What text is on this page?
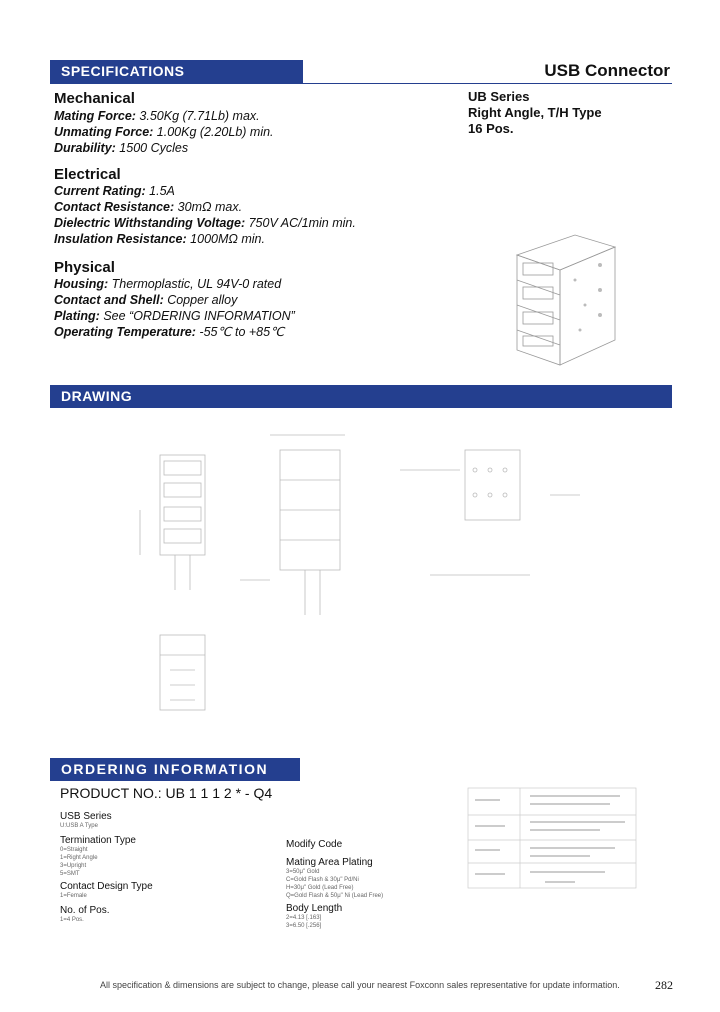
SPECIFICATIONS	USB Connector
UB Series
Right Angle, T/H Type
16 Pos.
Mechanical
Mating Force: 3.50Kg (7.71Lb) max.
Unmating Force: 1.00Kg (2.20Lb) min.
Durability: 1500 Cycles
Electrical
Current Rating: 1.5A
Contact Resistance: 30mΩ max.
Dielectric Withstanding Voltage: 750V AC/1min min.
Insulation Resistance: 1000MΩ min.
Physical
Housing: Thermoplastic, UL 94V-0 rated
Contact and Shell: Copper alloy
Plating: See “ORDERING INFORMATION”
Operating Temperature: -55℃ to +85℃
DRAWING
ORDERING INFORMATION
PRODUCT NO.: UB 1 1 1 2 * - Q4
USB Series
U:USB A Type
Termination Type
0=Straight
1=Right Angle
3=Upright
5=SMT
Contact Design Type
1=Female
No. of Pos.
1=4 Pos.
Modify Code
Mating Area Plating
3=50μ" Gold
C=Gold Flash & 30μ" Pd/Ni
H=30μ" Gold (Lead Free)
Q=Gold Flash & 50μ" Ni (Lead Free)
Body Length
2=4.13 [.163]
3=6.50 [.256]
All specification & dimensions are subject to change, please call your nearest Foxconn sales representative for update information.	282
